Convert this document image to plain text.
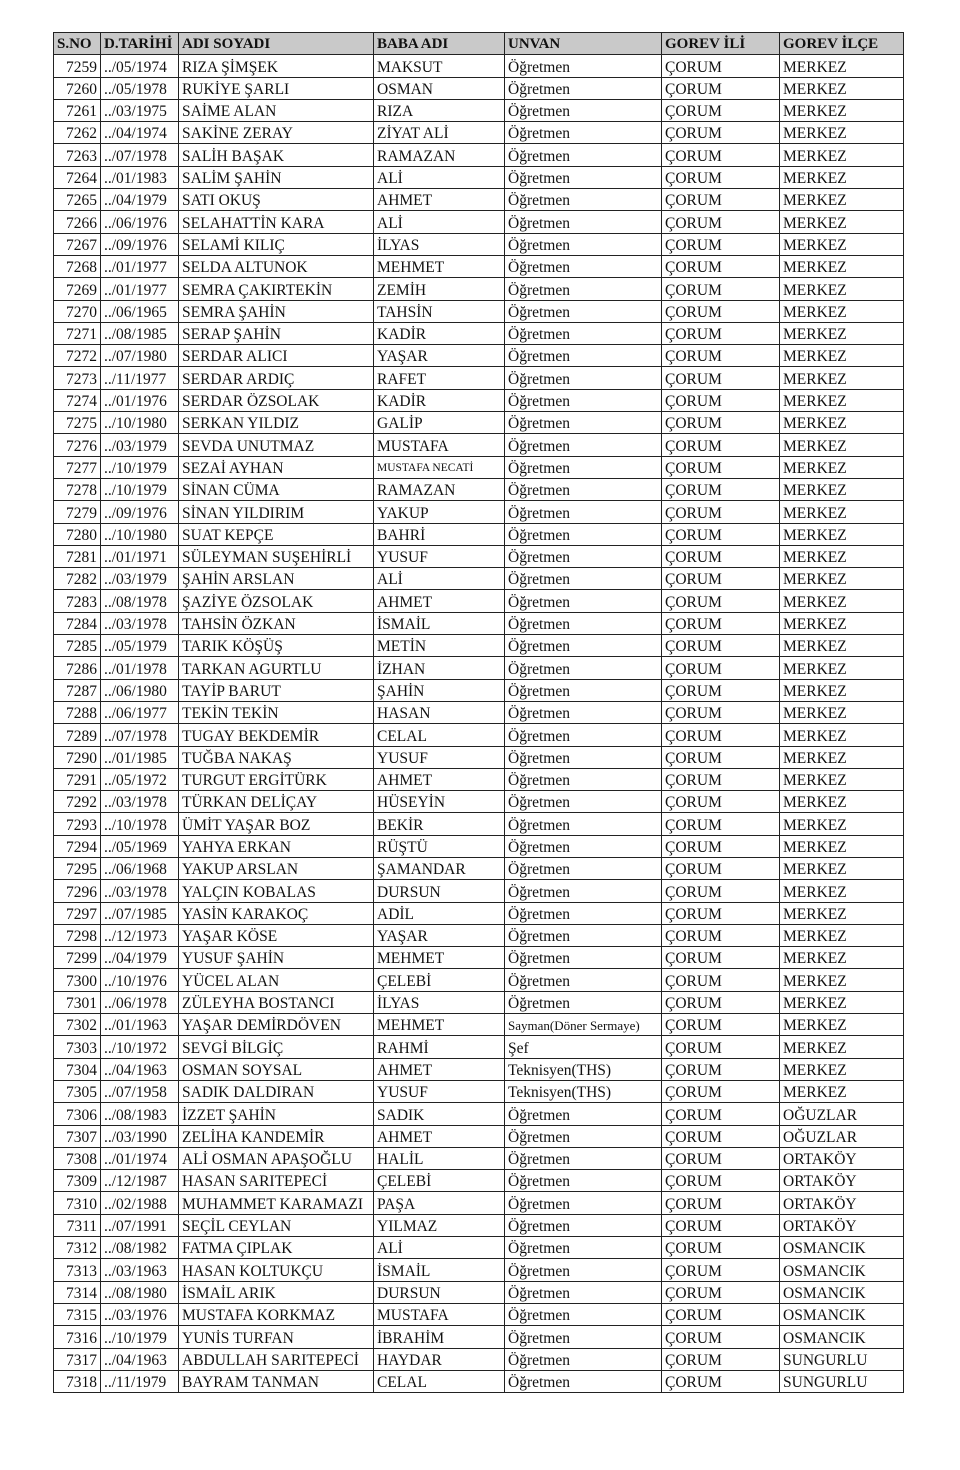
S.NO	D.TARİHİ	ADI SOYADI	BABA ADI	UNVAN	GOREV İLİ	GOREV İLÇE
7259	../05/1974	RIZA ŞİMŞEK	MAKSUT	Öğretmen	ÇORUM	MERKEZ
7260	../05/1978	RUKİYE ŞARLI	OSMAN	Öğretmen	ÇORUM	MERKEZ
7261	../03/1975	SAİME ALAN	RIZA	Öğretmen	ÇORUM	MERKEZ
7262	../04/1974	SAKİNE ZERAY	ZİYAT ALİ	Öğretmen	ÇORUM	MERKEZ
7263	../07/1978	SALİH BAŞAK	RAMAZAN	Öğretmen	ÇORUM	MERKEZ
7264	../01/1983	SALİM ŞAHİN	ALİ	Öğretmen	ÇORUM	MERKEZ
7265	../04/1979	SATI OKUŞ	AHMET	Öğretmen	ÇORUM	MERKEZ
7266	../06/1976	SELAHATTİN KARA	ALİ	Öğretmen	ÇORUM	MERKEZ
7267	../09/1976	SELAMİ KILIÇ	İLYAS	Öğretmen	ÇORUM	MERKEZ
7268	../01/1977	SELDA ALTUNOK	MEHMET	Öğretmen	ÇORUM	MERKEZ
7269	../01/1977	SEMRA ÇAKIRTEKİN	ZEMİH	Öğretmen	ÇORUM	MERKEZ
7270	../06/1965	SEMRA ŞAHİN	TAHSİN	Öğretmen	ÇORUM	MERKEZ
7271	../08/1985	SERAP ŞAHİN	KADİR	Öğretmen	ÇORUM	MERKEZ
7272	../07/1980	SERDAR ALICI	YAŞAR	Öğretmen	ÇORUM	MERKEZ
7273	../11/1977	SERDAR ARDIÇ	RAFET	Öğretmen	ÇORUM	MERKEZ
7274	../01/1976	SERDAR ÖZSOLAK	KADİR	Öğretmen	ÇORUM	MERKEZ
7275	../10/1980	SERKAN YILDIZ	GALİP	Öğretmen	ÇORUM	MERKEZ
7276	../03/1979	SEVDA UNUTMAZ	MUSTAFA	Öğretmen	ÇORUM	MERKEZ
7277	../10/1979	SEZAİ AYHAN	MUSTAFA NECATİ	Öğretmen	ÇORUM	MERKEZ
7278	../10/1979	SİNAN CÜMA	RAMAZAN	Öğretmen	ÇORUM	MERKEZ
7279	../09/1976	SİNAN YILDIRIM	YAKUP	Öğretmen	ÇORUM	MERKEZ
7280	../10/1980	SUAT KEPÇE	BAHRİ	Öğretmen	ÇORUM	MERKEZ
7281	../01/1971	SÜLEYMAN SUŞEHİRLİ	YUSUF	Öğretmen	ÇORUM	MERKEZ
7282	../03/1979	ŞAHİN ARSLAN	ALİ	Öğretmen	ÇORUM	MERKEZ
7283	../08/1978	ŞAZİYE ÖZSOLAK	AHMET	Öğretmen	ÇORUM	MERKEZ
7284	../03/1978	TAHSİN ÖZKAN	İSMAİL	Öğretmen	ÇORUM	MERKEZ
7285	../05/1979	TARIK KÖŞÜŞ	METİN	Öğretmen	ÇORUM	MERKEZ
7286	../01/1978	TARKAN AGURTLU	İZHAN	Öğretmen	ÇORUM	MERKEZ
7287	../06/1980	TAYİP BARUT	ŞAHİN	Öğretmen	ÇORUM	MERKEZ
7288	../06/1977	TEKİN TEKİN	HASAN	Öğretmen	ÇORUM	MERKEZ
7289	../07/1978	TUGAY BEKDEMİR	CELAL	Öğretmen	ÇORUM	MERKEZ
7290	../01/1985	TUĞBA NAKAŞ	YUSUF	Öğretmen	ÇORUM	MERKEZ
7291	../05/1972	TURGUT ERGİTÜRK	AHMET	Öğretmen	ÇORUM	MERKEZ
7292	../03/1978	TÜRKAN DELİÇAY	HÜSEYİN	Öğretmen	ÇORUM	MERKEZ
7293	../10/1978	ÜMİT YAŞAR BOZ	BEKİR	Öğretmen	ÇORUM	MERKEZ
7294	../05/1969	YAHYA ERKAN	RÜŞTÜ	Öğretmen	ÇORUM	MERKEZ
7295	../06/1968	YAKUP ARSLAN	ŞAMANDAR	Öğretmen	ÇORUM	MERKEZ
7296	../03/1978	YALÇIN KOBALAS	DURSUN	Öğretmen	ÇORUM	MERKEZ
7297	../07/1985	YASİN KARAKOÇ	ADİL	Öğretmen	ÇORUM	MERKEZ
7298	../12/1973	YAŞAR KÖSE	YAŞAR	Öğretmen	ÇORUM	MERKEZ
7299	../04/1979	YUSUF ŞAHİN	MEHMET	Öğretmen	ÇORUM	MERKEZ
7300	../10/1976	YÜCEL ALAN	ÇELEBİ	Öğretmen	ÇORUM	MERKEZ
7301	../06/1978	ZÜLEYHA BOSTANCI	İLYAS	Öğretmen	ÇORUM	MERKEZ
7302	../01/1963	YAŞAR DEMİRDÖVEN	MEHMET	Sayman(Döner Sermaye)	ÇORUM	MERKEZ
7303	../10/1972	SEVGİ BİLGİÇ	RAHMİ	Şef	ÇORUM	MERKEZ
7304	../04/1963	OSMAN SOYSAL	AHMET	Teknisyen(THS)	ÇORUM	MERKEZ
7305	../07/1958	SADIK DALDIRAN	YUSUF	Teknisyen(THS)	ÇORUM	MERKEZ
7306	../08/1983	İZZET ŞAHİN	SADIK	Öğretmen	ÇORUM	OĞUZLAR
7307	../03/1990	ZELİHA KANDEMİR	AHMET	Öğretmen	ÇORUM	OĞUZLAR
7308	../01/1974	ALİ OSMAN APAŞOĞLU	HALİL	Öğretmen	ÇORUM	ORTAKÖY
7309	../12/1987	HASAN SARITEPECİ	ÇELEBİ	Öğretmen	ÇORUM	ORTAKÖY
7310	../02/1988	MUHAMMET KARAMAZI	PAŞA	Öğretmen	ÇORUM	ORTAKÖY
7311	../07/1991	SEÇİL CEYLAN	YILMAZ	Öğretmen	ÇORUM	ORTAKÖY
7312	../08/1982	FATMA ÇIPLAK	ALİ	Öğretmen	ÇORUM	OSMANCIK
7313	../03/1963	HASAN KOLTUKÇU	İSMAİL	Öğretmen	ÇORUM	OSMANCIK
7314	../08/1980	İSMAİL ARIK	DURSUN	Öğretmen	ÇORUM	OSMANCIK
7315	../03/1976	MUSTAFA KORKMAZ	MUSTAFA	Öğretmen	ÇORUM	OSMANCIK
7316	../10/1979	YUNİS TURFAN	İBRAHİM	Öğretmen	ÇORUM	OSMANCIK
7317	../04/1963	ABDULLAH SARITEPECİ	HAYDAR	Öğretmen	ÇORUM	SUNGURLU
7318	../11/1979	BAYRAM TANMAN	CELAL	Öğretmen	ÇORUM	SUNGURLU
